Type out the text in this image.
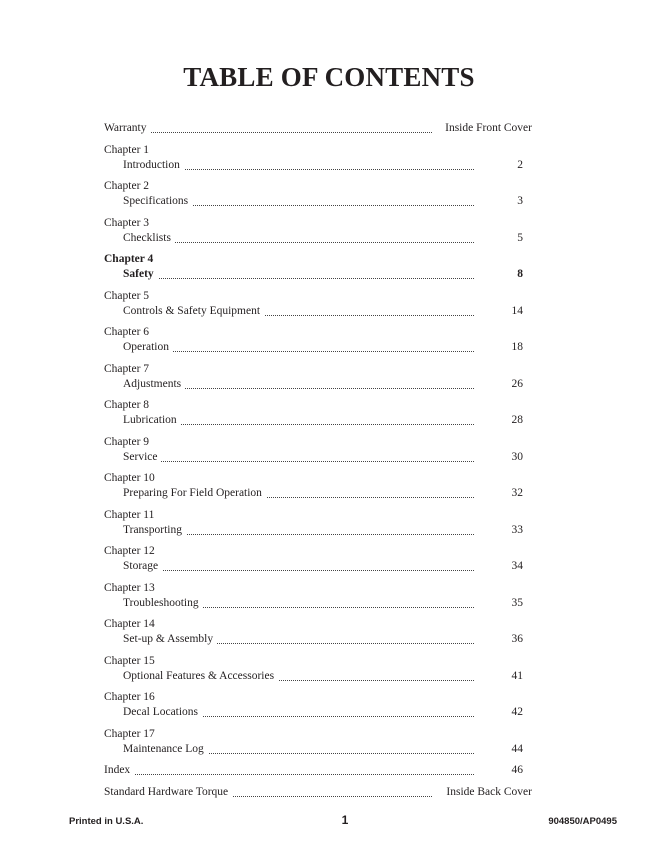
TABLE OF CONTENTS
Warranty	Inside Front Cover
Chapter 1
Introduction	2
Chapter 2
Specifications	3
Chapter 3
Checklists	5
Chapter 4
Safety	8
Chapter 5
Controls & Safety Equipment	14
Chapter 6
Operation	18
Chapter 7
Adjustments	26
Chapter 8
Lubrication	28
Chapter 9
Service	30
Chapter 10
Preparing For Field Operation	32
Chapter 11
Transporting	33
Chapter 12
Storage	34
Chapter 13
Troubleshooting	35
Chapter 14
Set-up & Assembly	36
Chapter 15
Optional Features & Accessories	41
Chapter 16
Decal Locations	42
Chapter 17
Maintenance Log	44
Index	46
Standard Hardware Torque	Inside Back Cover
Printed in U.S.A.	1	904850/AP0495
